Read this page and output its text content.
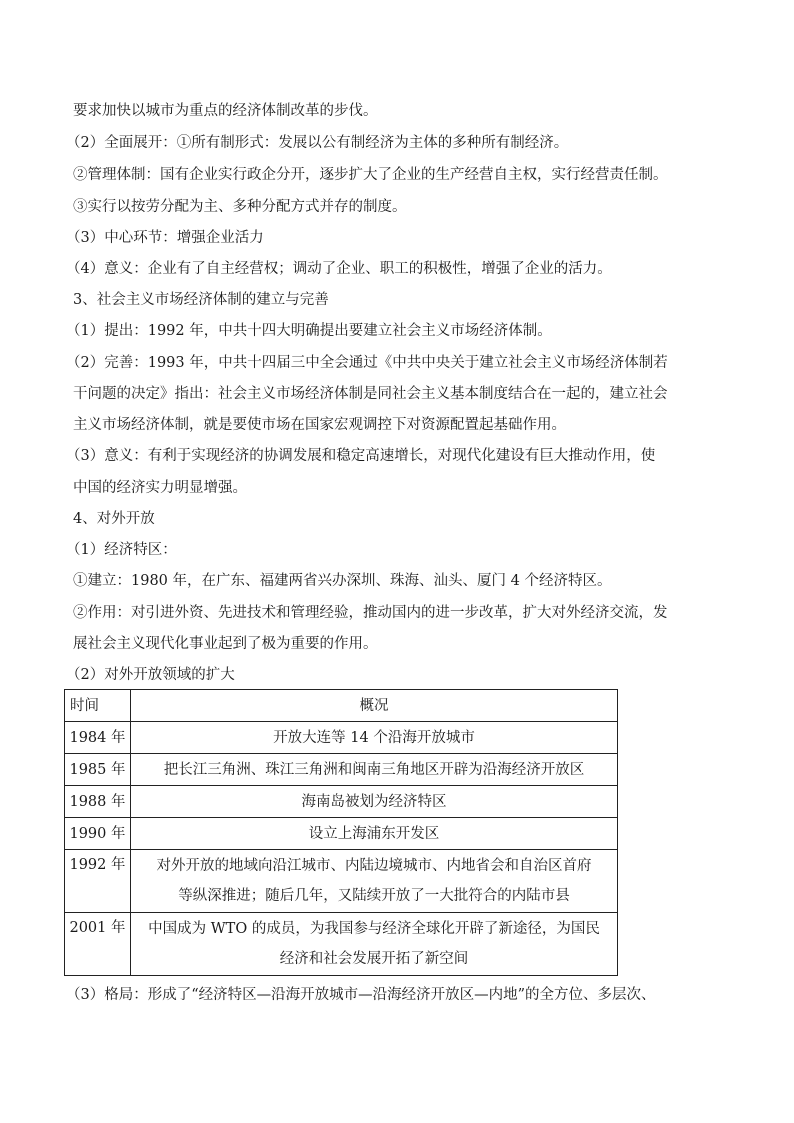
要求加快以城市为重点的经济体制改革的步伐。
（2）全面展开：①所有制形式：发展以公有制经济为主体的多种所有制经济。
②管理体制：国有企业实行政企分开，逐步扩大了企业的生产经营自主权，实行经营责任制。
③实行以按劳分配为主、多种分配方式并存的制度。
（3）中心环节：增强企业活力
（4）意义：企业有了自主经营权；调动了企业、职工的积极性，增强了企业的活力。
3、社会主义市场经济体制的建立与完善
（1）提出：1992 年，中共十四大明确提出要建立社会主义市场经济体制。
（2）完善：1993 年，中共十四届三中全会通过《中共中央关于建立社会主义市场经济体制若
干问题的决定》指出：社会主义市场经济体制是同社会主义基本制度结合在一起的，建立社会
主义市场经济体制，就是要使市场在国家宏观调控下对资源配置起基础作用。
（3）意义：有利于实现经济的协调发展和稳定高速增长，对现代化建设有巨大推动作用，使
中国的经济实力明显增强。
4、对外开放
（1）经济特区：
①建立：1980 年，在广东、福建两省兴办深圳、珠海、汕头、厦门 4 个经济特区。
②作用：对引进外资、先进技术和管理经验，推动国内的进一步改革，扩大对外经济交流，发
展社会主义现代化事业起到了极为重要的作用。
（2）对外开放领域的扩大
时间	概况
1984 年	开放大连等 14 个沿海开放城市
1985 年	把长江三角洲、珠江三角洲和闽南三角地区开辟为沿海经济开放区
1988 年	海南岛被划为经济特区
1990 年	设立上海浦东开发区
1992 年	对外开放的地域向沿江城市、内陆边境城市、内地省会和自治区首府
等纵深推进；随后几年，又陆续开放了一大批符合的内陆市县

2001 年	中国成为 WTO 的成员，为我国参与经济全球化开辟了新途径，为国民
经济和社会发展开拓了新空间
（3）格局：形成了“经济特区—沿海开放城市—沿海经济开放区—内地”的全方位、多层次、
